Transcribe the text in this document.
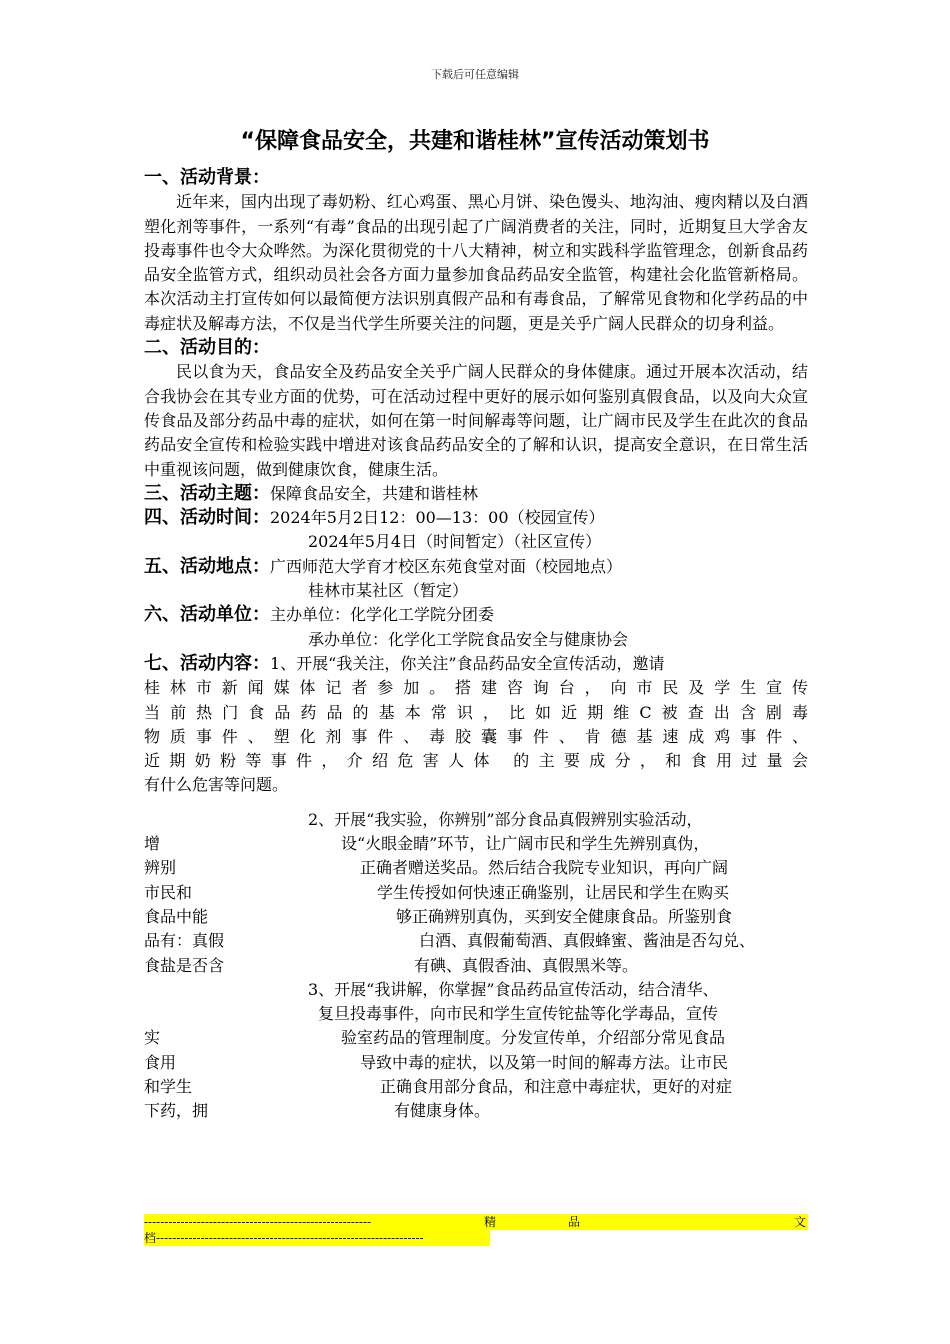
下载后可任意编辑
“保障食品安全，共建和谐桂林”宣传活动策划书
一、活动背景：

近年来，国内出现了毒奶粉、红心鸡蛋、黑心月饼、染色馒头、地沟油、瘦肉精以及白酒塑化剂等事件，一系列“有毒”食品的出现引起了广阔消费者的关注，同时，近期复旦大学舍友投毒事件也令大众哗然。为深化贯彻党的十八大精神，树立和实践科学监管理念，创新食品药品安全监管方式，组织动员社会各方面力量参加食品药品安全监管，构建社会化监管新格局。本次活动主打宣传如何以最简便方法识别真假产品和有毒食品，了解常见食物和化学药品的中毒症状及解毒方法，不仅是当代学生所要关注的问题，更是关乎广阔人民群众的切身利益。

二、活动目的：

民以食为天，食品安全及药品安全关乎广阔人民群众的身体健康。通过开展本次活动，结合我协会在其专业方面的优势，可在活动过程中更好的展示如何鉴别真假食品，以及向大众宣传食品及部分药品中毒的症状，如何在第一时间解毒等问题，让广阔市民及学生在此次的食品药品安全宣传和检验实践中增进对该食品药品安全的了解和认识，提高安全意识，在日常生活中重视该问题，做到健康饮食，健康生活。

三、活动主题：保障食品安全，共建和谐桂林
四、活动时间：2024年5月2日12：00—13：00（校园宣传）
2024年5月4日（时间暂定）（社区宣传）
五、活动地点：广西师范大学育才校区东苑食堂对面（校园地点）
桂林市某社区（暂定）
六、活动单位：主办单位：化学化工学院分团委
承办单位：化学化工学院食品安全与健康协会
七、活动内容：1、开展“我关注，你关注”食品药品安全宣传活动，邀请

桂林市新闻媒体记者参加。搭建咨询台，向市民及学生宣传

当前热门食品药品的基本常识，比如近期维C被查出含剧毒

物质事件、塑化剂事件、毒胶囊事件、肯德基速成鸡事件、

近期奶粉等事件，介绍危害人体 的主要成分，和食用过量会

有什么危害等问题。

2、开展“我实验，你辨别”部分食品真假辨别实验活动，

增	设“火眼金睛”环节，让广阔市民和学生先辨别真伪，
辨别	正确者赠送奖品。然后结合我院专业知识，再向广阔
市民和	学生传授如何快速正确鉴别，让居民和学生在购买
食品中能	够正确辨别真伪，买到安全健康食品。所鉴别食
品有：真假	白酒、真假葡萄酒、真假蜂蜜、酱油是否勾兑、
食盐是否含	有碘、真假香油、真假黑米等。

3、开展“我讲解，你掌握”食品药品宣传活动，结合清华、

复旦投毒事件，向市民和学生宣传铊盐等化学毒品，宣传

实	验室药品的管理制度。分发宣传单，介绍部分常见食品
食用	导致中毒的症状，以及第一时间的解毒方法。让市民
和学生	正确食用部分食品，和注意中毒症状，更好的对症
下药，拥	有健康身体。
--------------------------------------------------------	精	品	文
档------------------------------------------------------------------
